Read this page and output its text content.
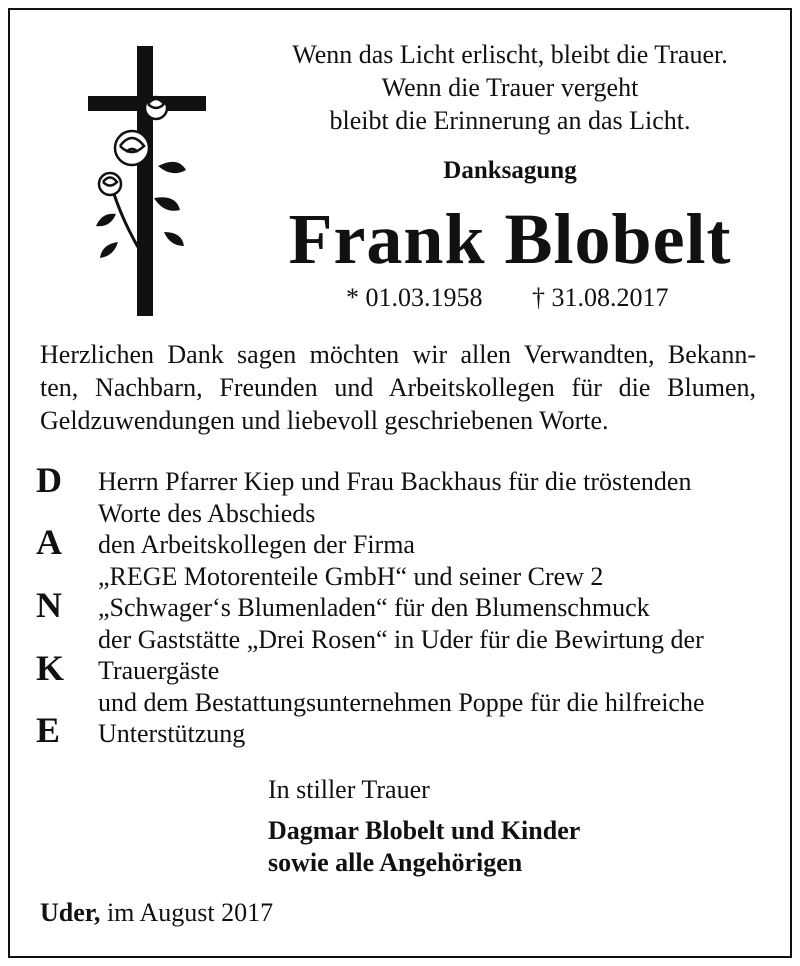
Wenn das Licht erlischt, bleibt die Trauer.
Wenn die Trauer vergeht
bleibt die Erinnerung an das Licht.
Danksagung
Frank Blobelt
* 01.03.1958 † 31.08.2017
Herzlichen Dank sagen möchten wir allen Verwandten, Bekann-
ten, Nachbarn, Freunden und Arbeitskollegen für die Blumen,
Geldzuwendungen und liebevoll geschriebenen Worte.
D
A
N
K
E
Herrn Pfarrer Kiep und Frau Backhaus für die tröstenden
Worte des Abschieds
den Arbeitskollegen der Firma
„REGE Motorenteile GmbH“ und seiner Crew 2
„Schwager‘s Blumenladen“ für den Blumenschmuck
der Gaststätte „Drei Rosen“ in Uder für die Bewirtung der
Trauergäste
und dem Bestattungsunternehmen Poppe für die hilfreiche
Unterstützung
In stiller Trauer
Dagmar Blobelt und Kinder
sowie alle Angehörigen
Uder, im August 2017
